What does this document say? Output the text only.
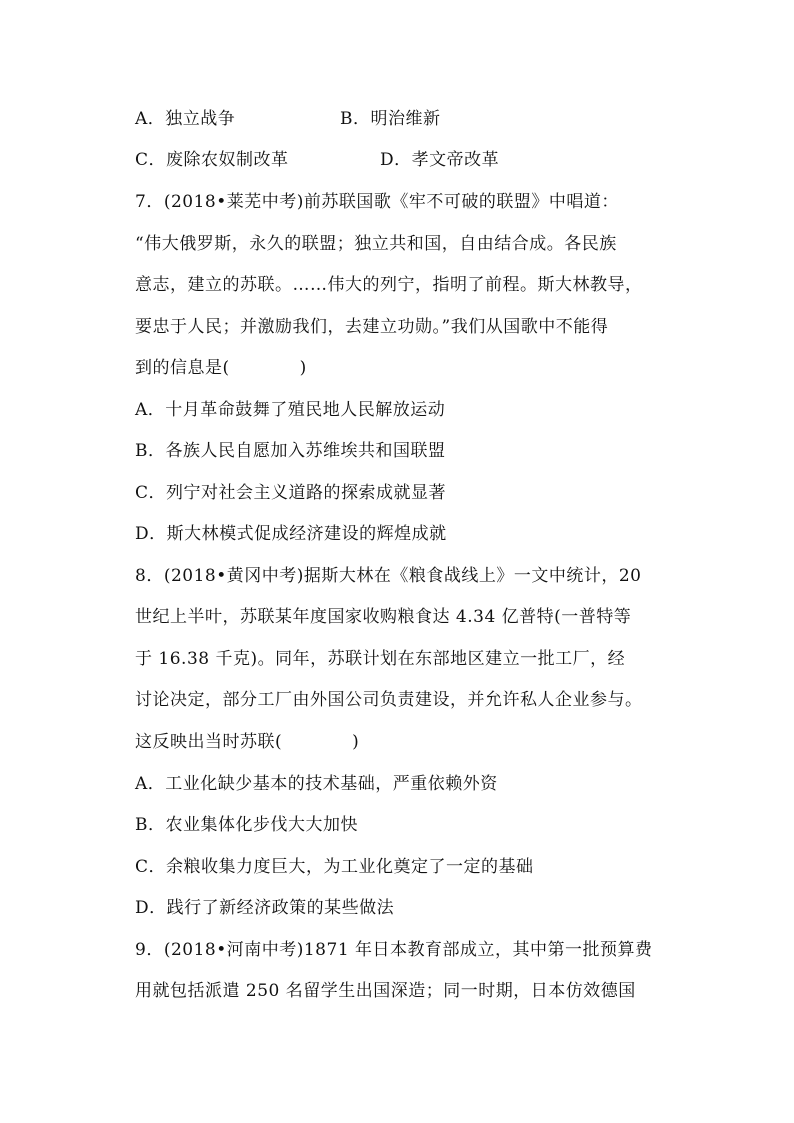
A．独立战争	B．明治维新
C．废除农奴制改革	D．孝文帝改革
7．(2018•莱芜中考)前苏联国歌《牢不可破的联盟》中唱道：
“伟大俄罗斯，永久的联盟；独立共和国，自由结合成。各民族
意志，建立的苏联。……伟大的列宁，指明了前程。斯大林教导，
要忠于人民；并激励我们，去建立功勋。”我们从国歌中不能得
到的信息是(　　　　)
A．十月革命鼓舞了殖民地人民解放运动
B．各族人民自愿加入苏维埃共和国联盟
C．列宁对社会主义道路的探索成就显著
D．斯大林模式促成经济建设的辉煌成就
8．(2018•黄冈中考)据斯大林在《粮食战线上》一文中统计，20
世纪上半叶，苏联某年度国家收购粮食达 4.34 亿普特(一普特等
于 16.38 千克)。同年，苏联计划在东部地区建立一批工厂，经
讨论决定，部分工厂由外国公司负责建设，并允许私人企业参与。
这反映出当时苏联(　　　　)
A．工业化缺少基本的技术基础，严重依赖外资
B．农业集体化步伐大大加快
C．余粮收集力度巨大，为工业化奠定了一定的基础
D．践行了新经济政策的某些做法
9．(2018•河南中考)1871 年日本教育部成立，其中第一批预算费
用就包括派遣 250 名留学生出国深造；同一时期，日本仿效德国
